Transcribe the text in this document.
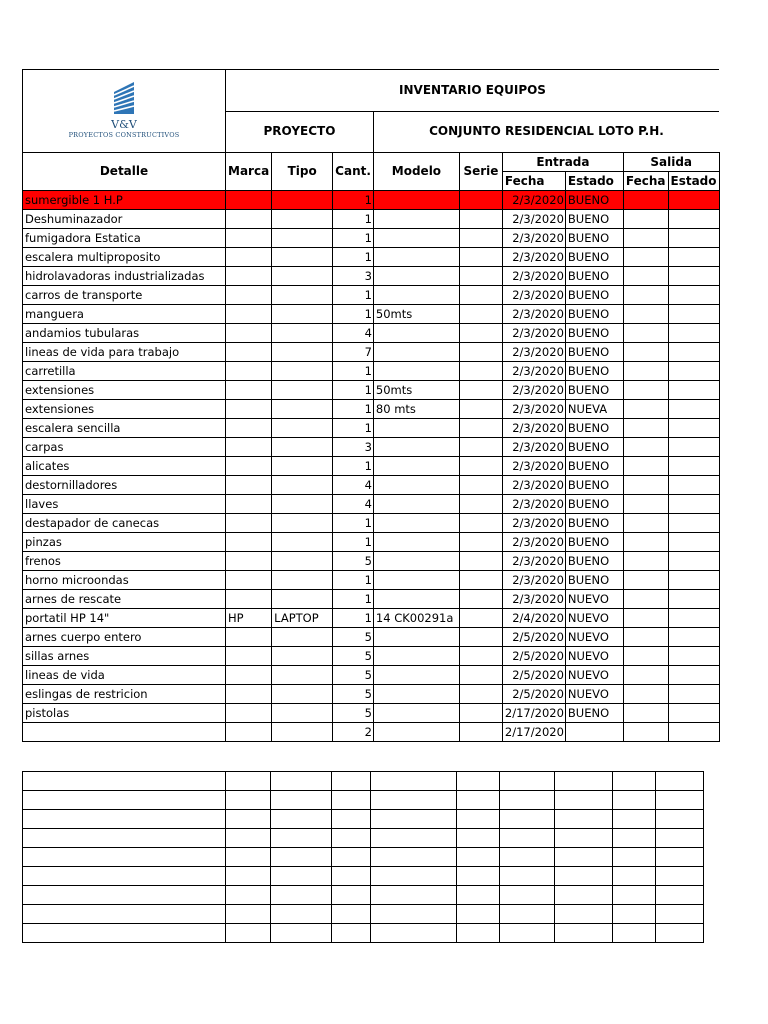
V&V
PROYECTOS CONSTRUCTIVOS	INVENTARIO EQUIPOS								
	PROYECTO			CONJUNTO RESIDENCIAL LOTO P.H.					
Detalle	Marca	Tipo	Cant.	Modelo	Serie	Entrada		Salida	
						Fecha	Estado	Fecha	Estado
sumergible 1 H.P			1			2/3/2020	BUENO		
Deshuminazador			1			2/3/2020	BUENO		
fumigadora Estatica			1			2/3/2020	BUENO		
escalera multiproposito			1			2/3/2020	BUENO		
hidrolavadoras industrializadas			3			2/3/2020	BUENO		
carros de transporte			1			2/3/2020	BUENO		
manguera			1	50mts		2/3/2020	BUENO		
andamios tubularas			4			2/3/2020	BUENO		
lineas de vida para trabajo			7			2/3/2020	BUENO		
carretilla			1			2/3/2020	BUENO		
extensiones			1	50mts		2/3/2020	BUENO		
extensiones			1	80 mts		2/3/2020	NUEVA		
escalera sencilla			1			2/3/2020	BUENO		
carpas			3			2/3/2020	BUENO		
alicates			1			2/3/2020	BUENO		
destornilladores			4			2/3/2020	BUENO		
llaves			4			2/3/2020	BUENO		
destapador de canecas			1			2/3/2020	BUENO		
pinzas			1			2/3/2020	BUENO		
frenos			5			2/3/2020	BUENO		
horno microondas			1			2/3/2020	BUENO		
arnes de rescate			1			2/3/2020	NUEVO		
portatil HP 14"	HP	LAPTOP	1	14 CK00291a		2/4/2020	NUEVO		
arnes cuerpo entero			5			2/5/2020	NUEVO		
sillas arnes			5			2/5/2020	NUEVO		
lineas de vida			5			2/5/2020	NUEVO		
eslingas de restricion			5			2/5/2020	NUEVO		
pistolas			5			2/17/2020	BUENO		
			2			2/17/2020			
